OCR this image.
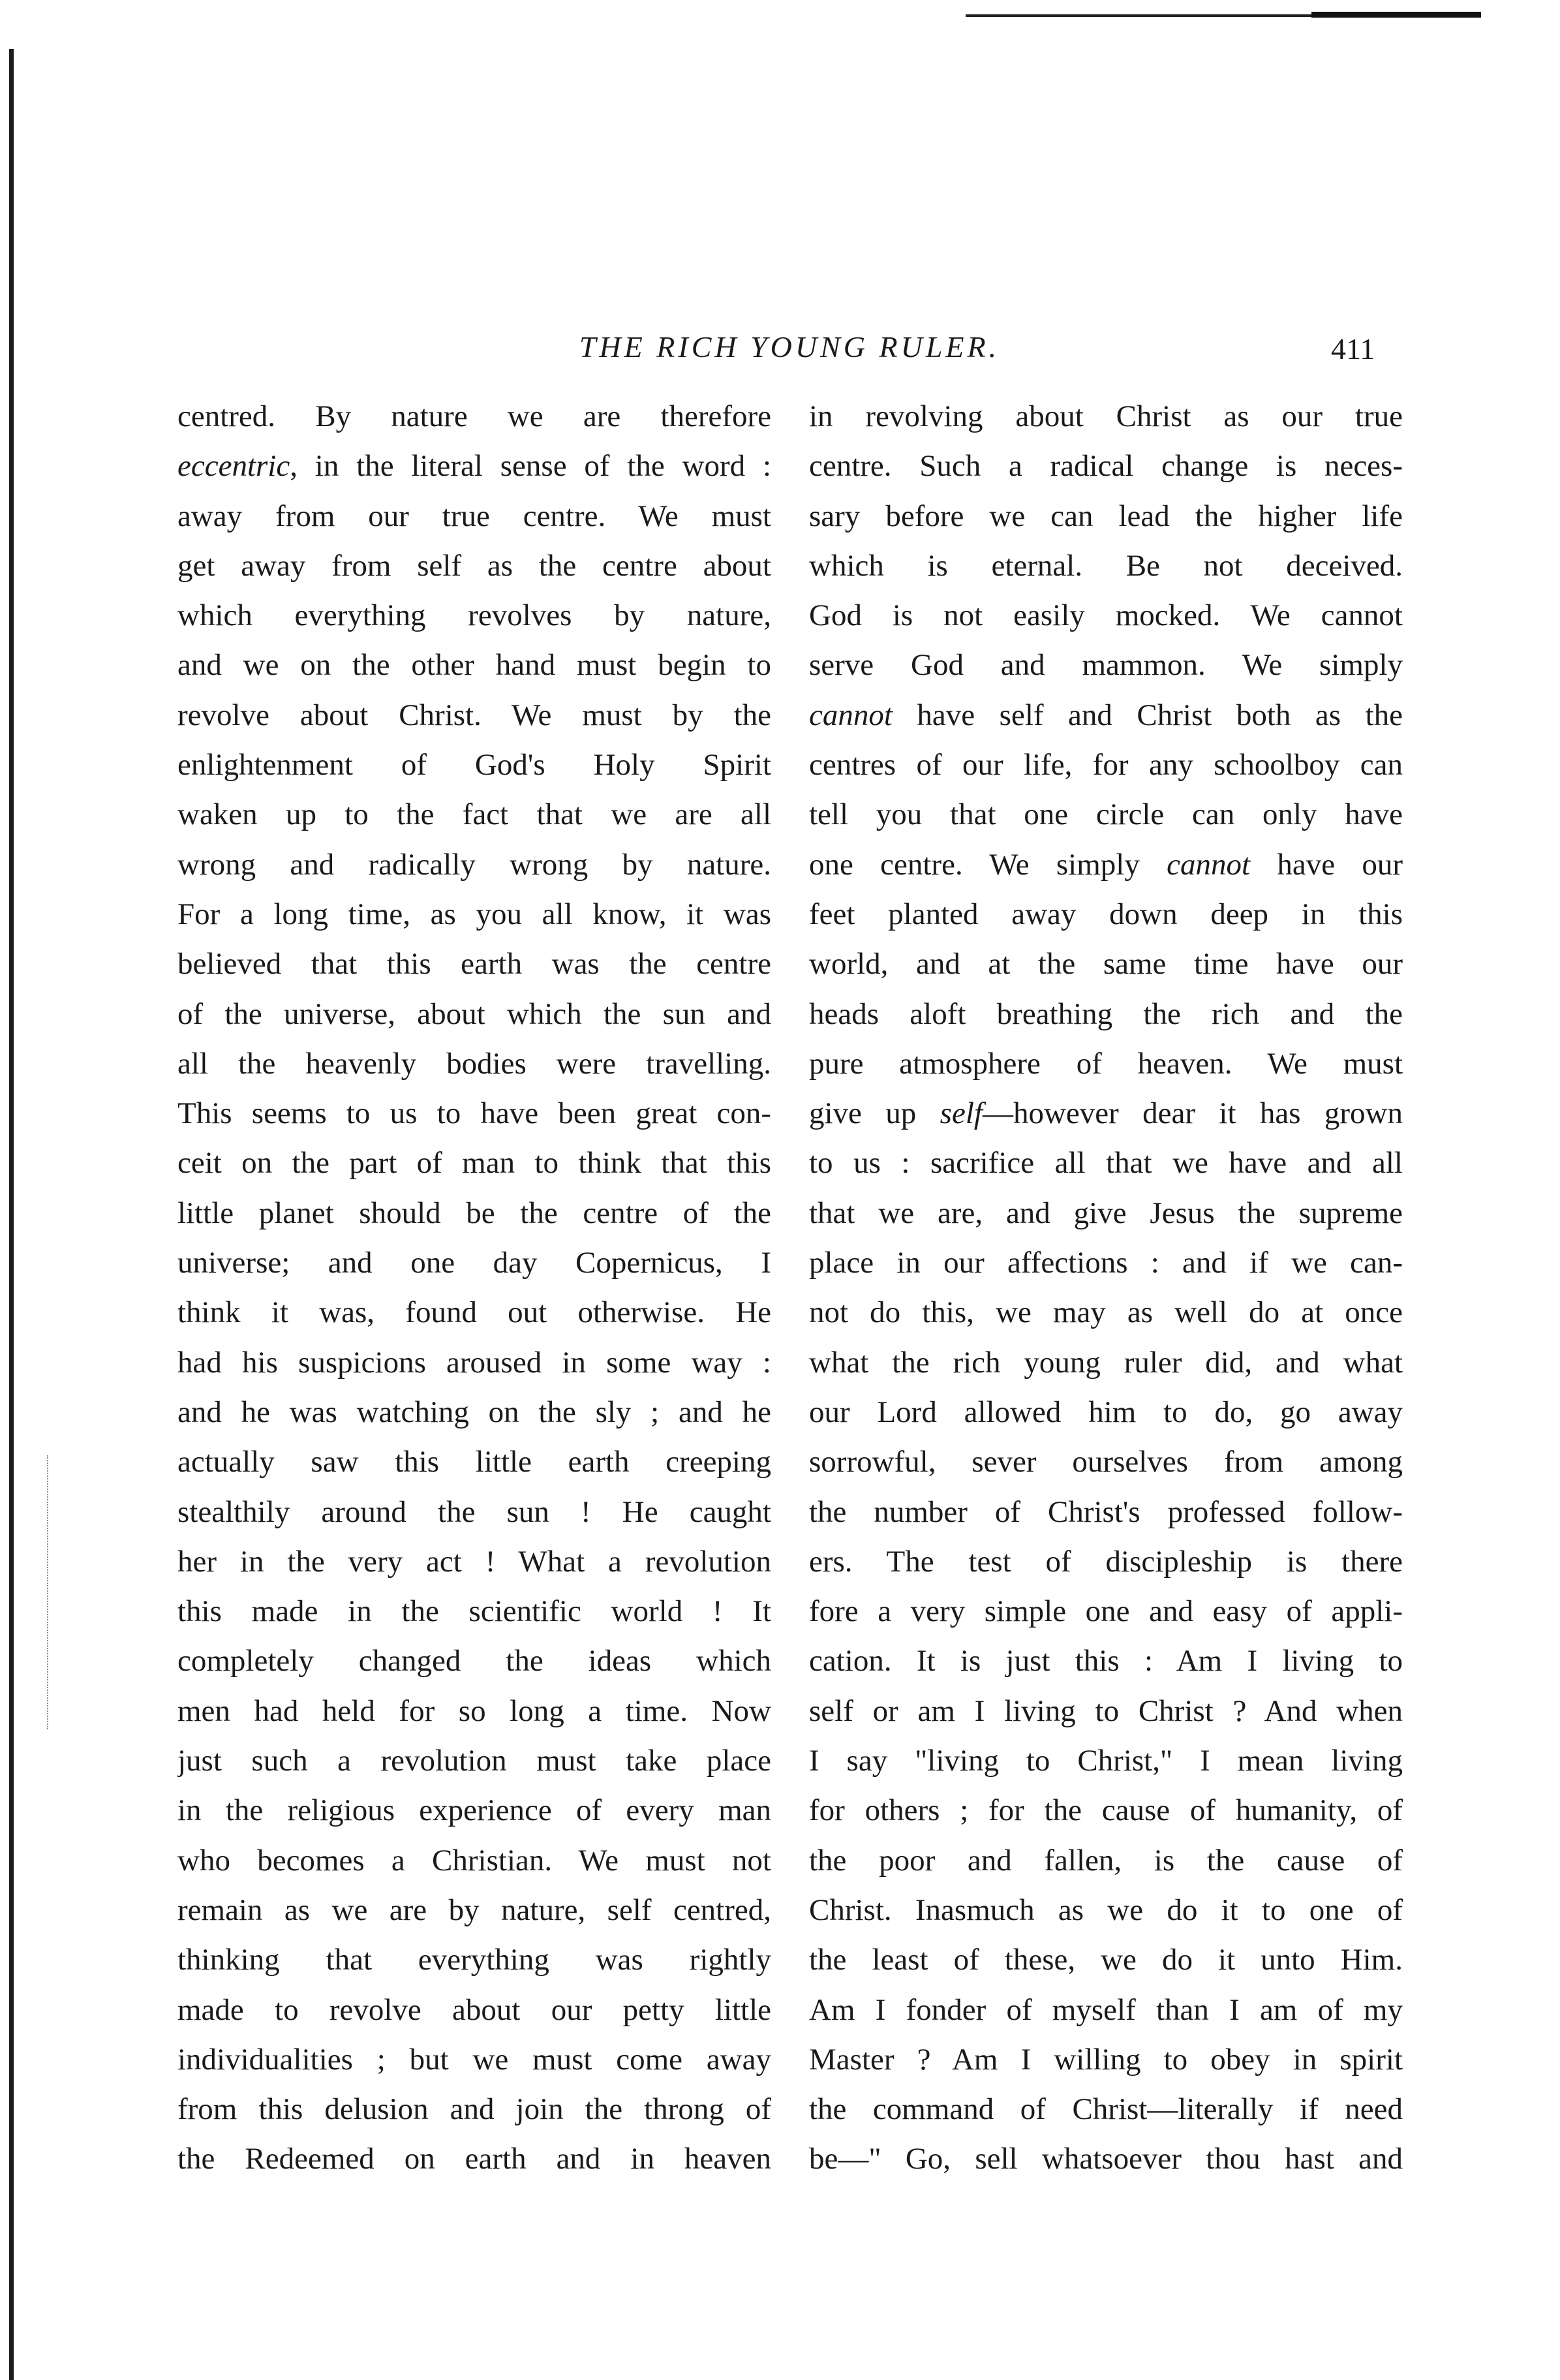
THE RICH YOUNG RULER.	411
centred. By nature we are therefore
eccentric, in the literal sense of the word :
away from our true centre. We must
get away from self as the centre about
which everything revolves by nature,
and we on the other hand must begin to
revolve about Christ. We must by the
enlightenment of God's Holy Spirit
waken up to the fact that we are all
wrong and radically wrong by nature.
For a long time, as you all know, it was
believed that this earth was the centre
of the universe, about which the sun and
all the heavenly bodies were travelling.
This seems to us to have been great con-
ceit on the part of man to think that this
little planet should be the centre of the
universe; and one day Copernicus, I
think it was, found out otherwise. He
had his suspicions aroused in some way :
and he was watching on the sly ; and he
actually saw this little earth creeping
stealthily around the sun ! He caught
her in the very act ! What a revolution
this made in the scientific world ! It
completely changed the ideas which
men had held for so long a time. Now
just such a revolution must take place
in the religious experience of every man
who becomes a Christian. We must not
remain as we are by nature, self centred,
thinking that everything was rightly
made to revolve about our petty little
individualities ; but we must come away
from this delusion and join the throng of
the Redeemed on earth and in heaven
in revolving about Christ as our true
centre. Such a radical change is neces-
sary before we can lead the higher life
which is eternal. Be not deceived.
God is not easily mocked. We cannot
serve God and mammon. We simply
cannot have self and Christ both as the
centres of our life, for any schoolboy can
tell you that one circle can only have
one centre. We simply cannot have our
feet planted away down deep in this
world, and at the same time have our
heads aloft breathing the rich and the
pure atmosphere of heaven. We must
give up self—however dear it has grown
to us : sacrifice all that we have and all
that we are, and give Jesus the supreme
place in our affections : and if we can-
not do this, we may as well do at once
what the rich young ruler did, and what
our Lord allowed him to do, go away
sorrowful, sever ourselves from among
the number of Christ's professed follow-
ers. The test of discipleship is there
fore a very simple one and easy of appli-
cation. It is just this : Am I living to
self or am I living to Christ ? And when
I say "living to Christ," I mean living
for others ; for the cause of humanity, of
the poor and fallen, is the cause of
Christ. Inasmuch as we do it to one of
the least of these, we do it unto Him.
Am I fonder of myself than I am of my
Master ? Am I willing to obey in spirit
the command of Christ—literally if need
be—" Go, sell whatsoever thou hast and
